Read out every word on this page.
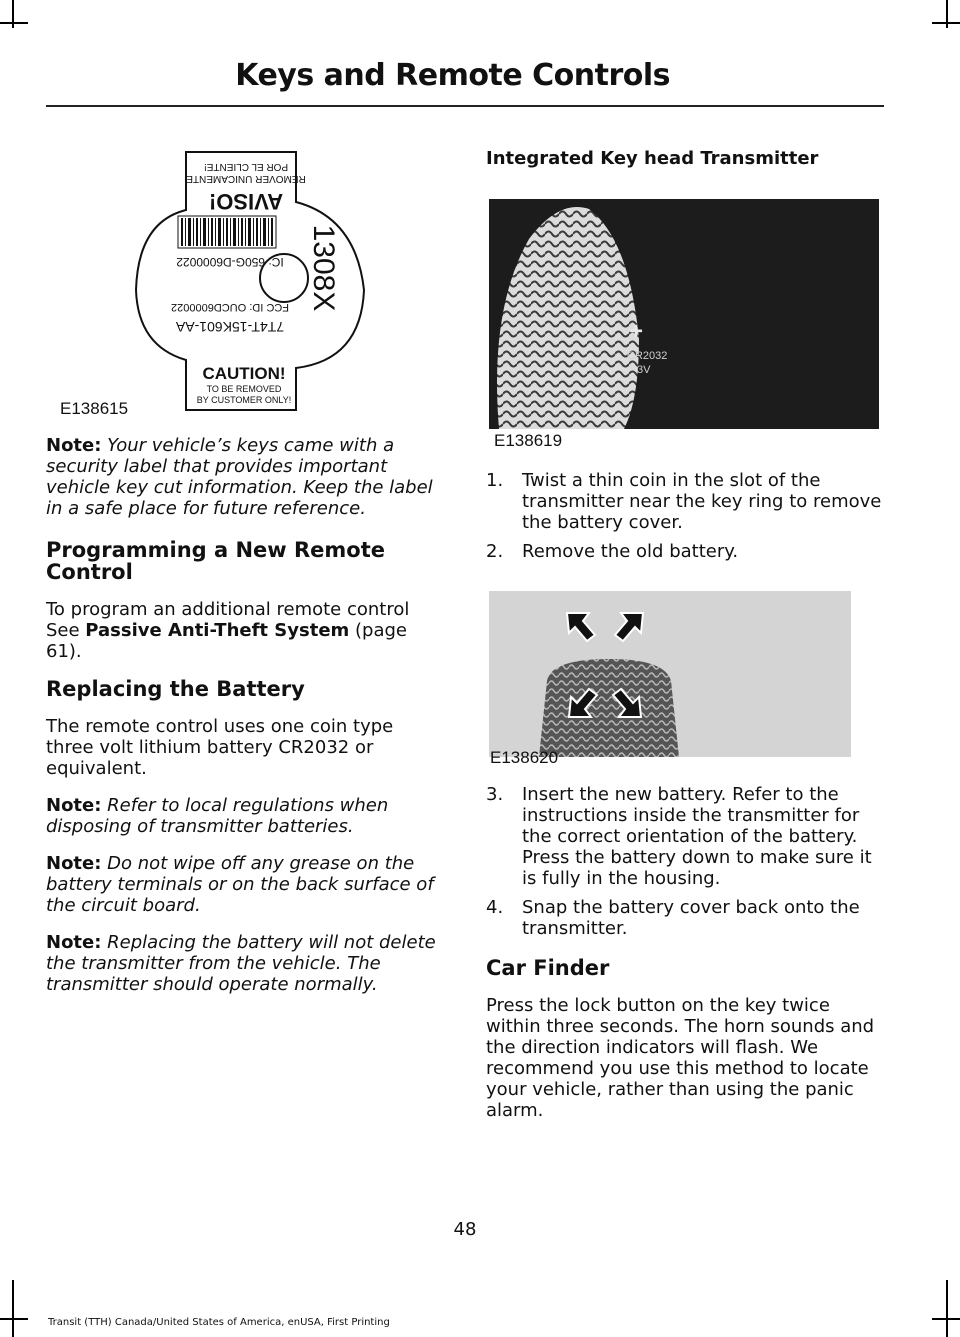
Keys and Remote Controls
AVISO!
REMOVER UNICAMENTE
POR EL CLIENTE!
IC: 650G-D6000022
FCC ID: OUCD6000022
7T4T-15K601-AA
1308X
CAUTION!
TO BE REMOVED
BY CUSTOMER ONLY!
E138615

Note: Your vehicle’s keys came with a security label that provides important vehicle key cut information. Keep the label in a safe place for future reference.

Programming a New Remote Control

To program an additional remote control See Passive Anti-Theft System (page 61).

Replacing the Battery

The remote control uses one coin type three volt lithium battery CR2032 or equivalent.

Note: Refer to local regulations when disposing of transmitter batteries.

Note: Do not wipe off any grease on the battery terminals or on the back surface of the circuit board.

Note: Replacing the battery will not delete the transmitter from the vehicle. The transmitter should operate normally.

Integrated Key head Transmitter
+
CR2032
3V
E138619
1. Twist a thin coin in the slot of the transmitter near the key ring to remove the battery cover.
2. Remove the old battery.
E138620
3. Insert the new battery. Refer to the instructions inside the transmitter for the correct orientation of the battery. Press the battery down to make sure it is fully in the housing.
4. Snap the battery cover back onto the transmitter.
Car Finder

Press the lock button on the key twice within three seconds. The horn sounds and the direction indicators will flash. We recommend you use this method to locate your vehicle, rather than using the panic alarm.

48
Transit (TTH) Canada/United States of America, enUSA, First Printing
